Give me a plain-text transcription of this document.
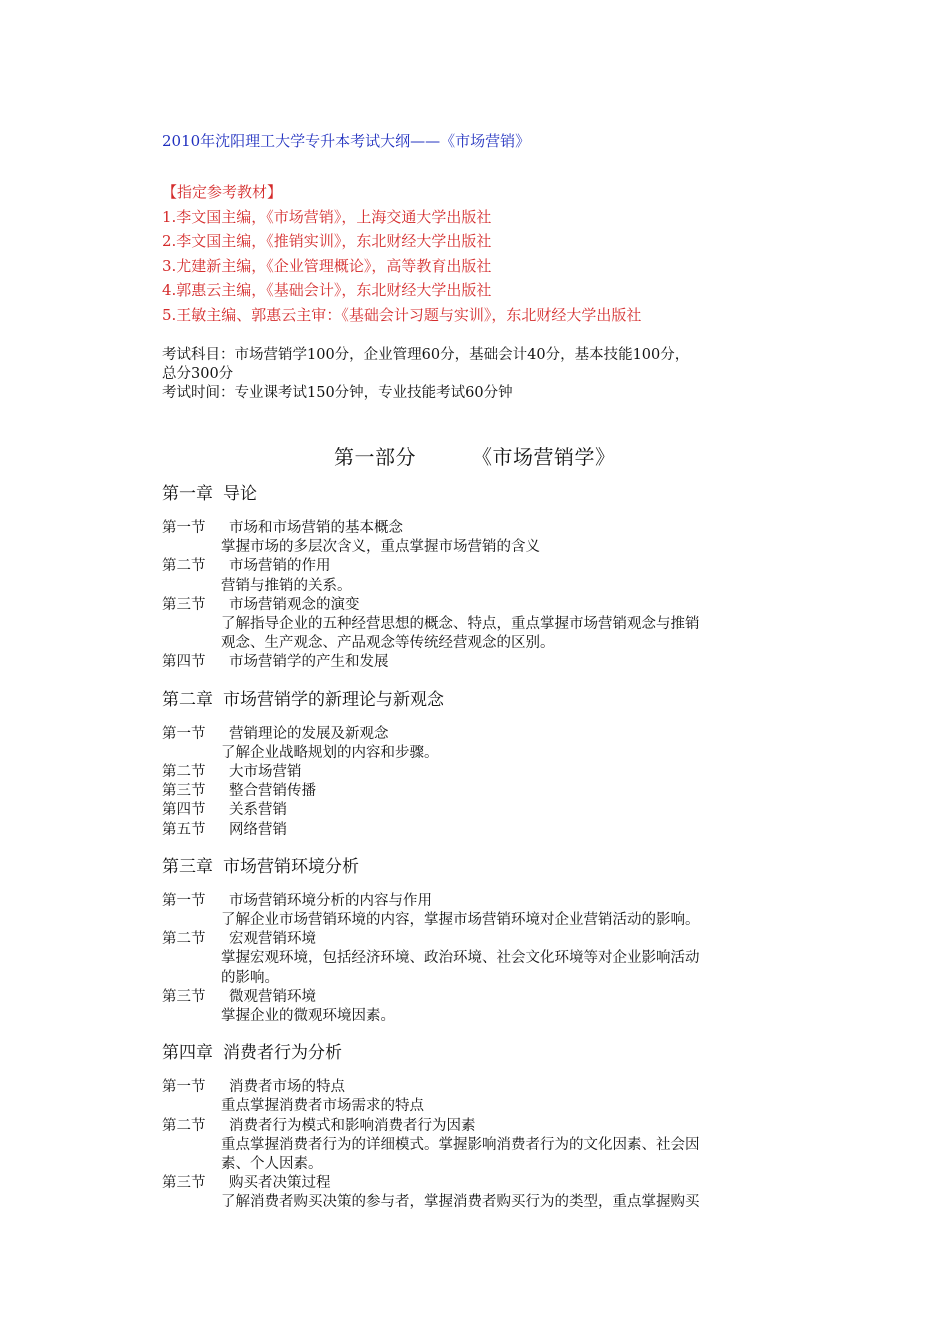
2010年沈阳理工大学专升本考试大纲——《市场营销》
【指定参考教材】
1.李文国主编，《市场营销》，上海交通大学出版社
2.李文国主编，《推销实训》，东北财经大学出版社
3.尤建新主编，《企业管理概论》，高等教育出版社
4.郭惠云主编，《基础会计》，东北财经大学出版社
5.王敏主编、郭惠云主审：《基础会计习题与实训》，东北财经大学出版社
考试科目：市场营销学100分，企业管理60分，基础会计40分，基本技能100分，
总分300分
考试时间：专业课考试150分钟，专业技能考试60分钟
第一部分	《市场营销学》
第一章 导论
第一节 市场和市场营销的基本概念
掌握市场的多层次含义，重点掌握市场营销的含义
第二节 市场营销的作用
营销与推销的关系。
第三节 市场营销观念的演变
了解指导企业的五种经营思想的概念、特点，重点掌握市场营销观念与推销
观念、生产观念、产品观念等传统经营观念的区别。
第四节 市场营销学的产生和发展
第二章 市场营销学的新理论与新观念
第一节 营销理论的发展及新观念
了解企业战略规划的内容和步骤。
第二节 大市场营销
第三节 整合营销传播
第四节 关系营销
第五节 网络营销
第三章 市场营销环境分析
第一节 市场营销环境分析的内容与作用
了解企业市场营销环境的内容，掌握市场营销环境对企业营销活动的影响。
第二节 宏观营销环境
掌握宏观环境，包括经济环境、政治环境、社会文化环境等对企业影响活动
的影响。
第三节 微观营销环境
掌握企业的微观环境因素。
第四章 消费者行为分析
第一节 消费者市场的特点
重点掌握消费者市场需求的特点
第二节 消费者行为模式和影响消费者行为因素
重点掌握消费者行为的详细模式。掌握影响消费者行为的文化因素、社会因
素、个人因素。
第三节 购买者决策过程
了解消费者购买决策的参与者，掌握消费者购买行为的类型，重点掌握购买
